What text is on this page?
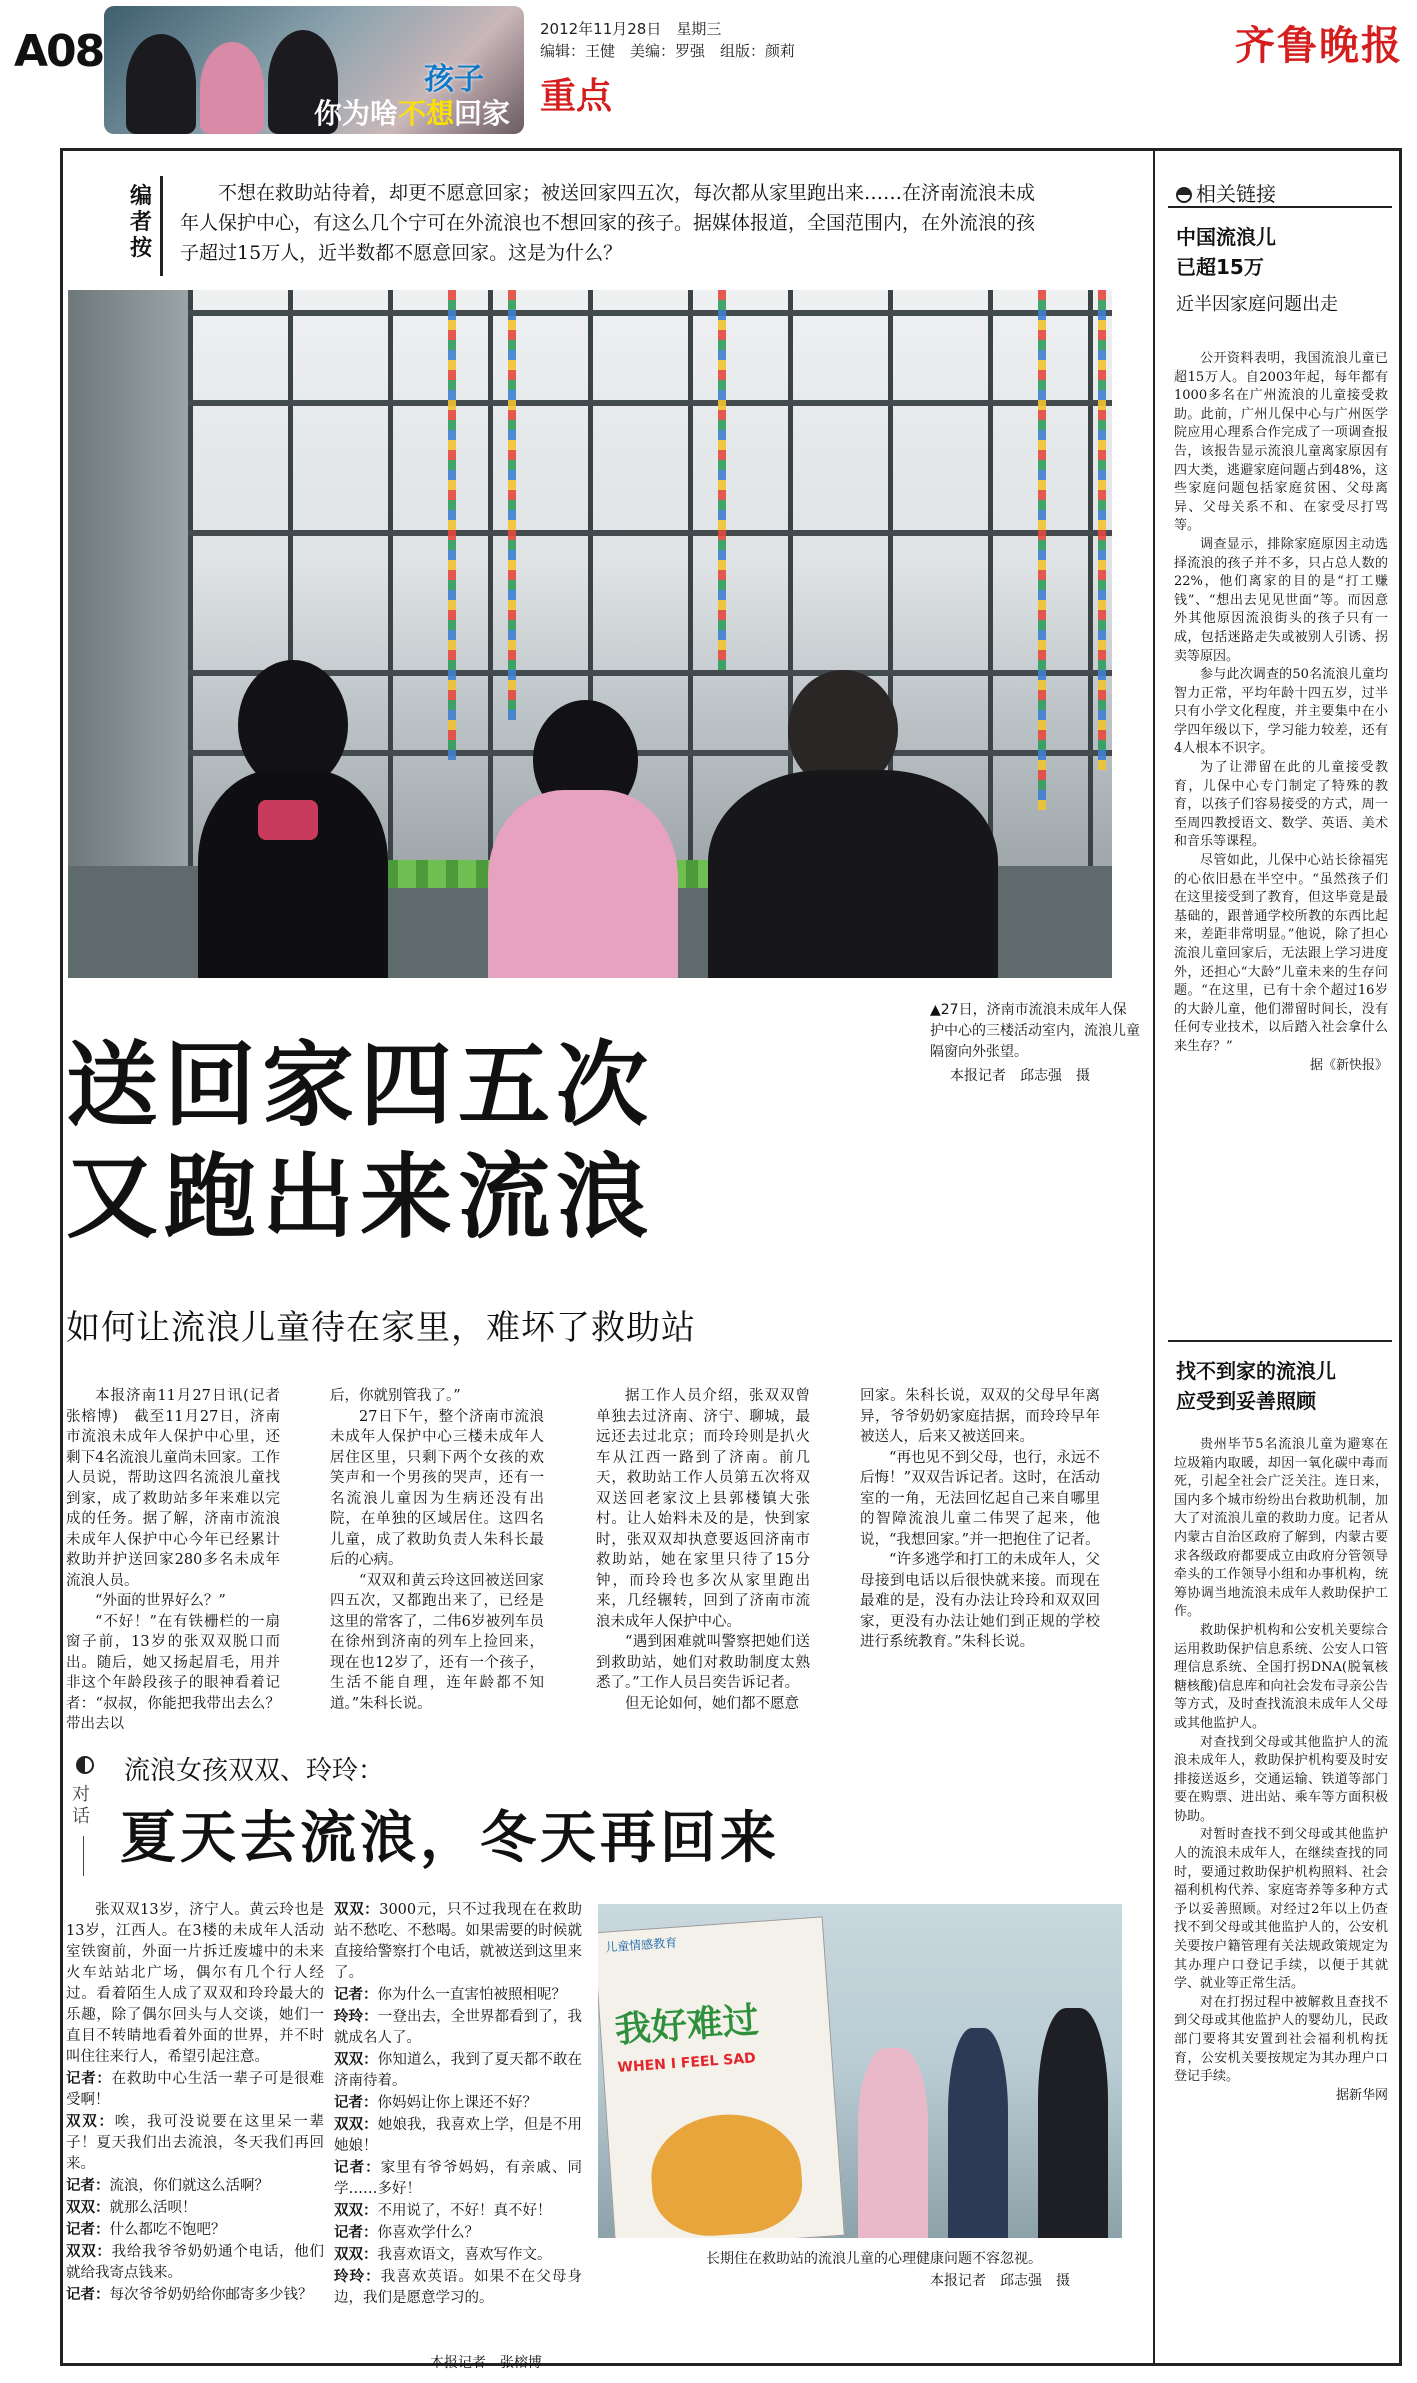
A08
孩子
你为啥不想回家
2012年11月28日　星期三
编辑：王健　美编：罗强　组版：颜莉
重点
齐鲁晚报
编者按
不想在救助站待着，却更不愿意回家；被送回家四五次，每次都从家里跑出来……在济南流浪未成年人保护中心，有这么几个宁可在外流浪也不想回家的孩子。据媒体报道，全国范围内，在外流浪的孩子超过15万人，近半数都不愿意回家。这是为什么？
▲27日，济南市流浪未成年人保护中心的三楼活动室内，流浪儿童隔窗向外张望。
本报记者　邱志强　摄
送回家四五次
又跑出来流浪
如何让流浪儿童待在家里，难坏了救助站

本报济南11月27日讯(记者 张榕博)　截至11月27日，济南市流浪未成年人保护中心里，还剩下4名流浪儿童尚未回家。工作人员说，帮助这四名流浪儿童找到家，成了救助站多年来难以完成的任务。据了解，济南市流浪未成年人保护中心今年已经累计救助并护送回家280多名未成年流浪人员。

“外面的世界好么？”

“不好！”在有铁栅栏的一扇窗子前，13岁的张双双脱口而出。随后，她又扬起眉毛，用并非这个年龄段孩子的眼神看着记者：“叔叔，你能把我带出去么？带出去以

后，你就别管我了。”

27日下午，整个济南市流浪未成年人保护中心三楼未成年人居住区里，只剩下两个女孩的欢笑声和一个男孩的哭声，还有一名流浪儿童因为生病还没有出院，在单独的区域居住。这四名儿童，成了救助负责人朱科长最后的心病。

“双双和黄云玲这回被送回家四五次，又都跑出来了，已经是这里的常客了，二伟6岁被列车员在徐州到济南的列车上捡回来，现在也12岁了，还有一个孩子，生活不能自理，连年龄都不知道。”朱科长说。

据工作人员介绍，张双双曾单独去过济南、济宁、聊城，最远还去过北京；而玲玲则是扒火车从江西一路到了济南。前几天，救助站工作人员第五次将双双送回老家汶上县郭楼镇大张村。让人始料未及的是，快到家时，张双双却执意要返回济南市救助站，她在家里只待了15分钟，而玲玲也多次从家里跑出来，几经辗转，回到了济南市流浪未成年人保护中心。

“遇到困难就叫警察把她们送到救助站，她们对救助制度太熟悉了。”工作人员吕奕告诉记者。

但无论如何，她们都不愿意

回家。朱科长说，双双的父母早年离异，爷爷奶奶家庭拮据，而玲玲早年被送人，后来又被送回来。

“再也见不到父母，也行，永远不后悔！”双双告诉记者。这时，在活动室的一角，无法回忆起自己来自哪里的智障流浪儿童二伟哭了起来，他说，“我想回家。”并一把抱住了记者。

“许多逃学和打工的未成年人，父母接到电话以后很快就来接。而现在最难的是，没有办法让玲玲和双双回家，更没有办法让她们到正规的学校进行系统教育。”朱科长说。

对话
流浪女孩双双、玲玲：
夏天去流浪，冬天再回来

张双双13岁，济宁人。黄云玲也是13岁，江西人。在3楼的未成年人活动室铁窗前，外面一片拆迁废墟中的未来火车站站北广场，偶尔有几个行人经过。看着陌生人成了双双和玲玲最大的乐趣，除了偶尔回头与人交谈，她们一直目不转睛地看着外面的世界，并不时叫住往来行人，希望引起注意。

记者：在救助中心生活一辈子可是很难受啊！

双双：唉，我可没说要在这里呆一辈子！夏天我们出去流浪，冬天我们再回来。

记者：流浪，你们就这么活啊？

双双：就那么活呗！

记者：什么都吃不饱吧？

双双：我给我爷爷奶奶通个电话，他们就给我寄点钱来。

记者：每次爷爷奶奶给你邮寄多少钱？

双双：3000元，只不过我现在在救助站不愁吃、不愁喝。如果需要的时候就直接给警察打个电话，就被送到这里来了。

记者：你为什么一直害怕被照相呢？

玲玲：一登出去，全世界都看到了，我就成名人了。

双双：你知道么，我到了夏天都不敢在济南待着。

记者：你妈妈让你上课还不好？

双双：她娘我，我喜欢上学，但是不用她娘！

记者：家里有爷爷妈妈，有亲戚、同学……多好！

双双：不用说了，不好！真不好！

记者：你喜欢学什么？

双双：我喜欢语文，喜欢写作文。

玲玲：我喜欢英语。如果不在父母身边，我们是愿意学习的。

本报记者　张榕博
儿童情感教育
我好难过
WHEN I FEEL SAD
长期住在救助站的流浪儿童的心理健康问题不容忽视。
本报记者　邱志强　摄
相关链接
中国流浪儿
已超15万
近半因家庭问题出走

公开资料表明，我国流浪儿童已超15万人。自2003年起，每年都有1000多名在广州流浪的儿童接受救助。此前，广州儿保中心与广州医学院应用心理系合作完成了一项调查报告，该报告显示流浪儿童离家原因有四大类，逃避家庭问题占到48%，这些家庭问题包括家庭贫困、父母离异、父母关系不和、在家受尽打骂等。

调查显示，排除家庭原因主动选择流浪的孩子并不多，只占总人数的22%，他们离家的目的是“打工赚钱”、“想出去见见世面”等。而因意外其他原因流浪街头的孩子只有一成，包括迷路走失或被别人引诱、拐卖等原因。

参与此次调查的50名流浪儿童均智力正常，平均年龄十四五岁，过半只有小学文化程度，并主要集中在小学四年级以下，学习能力较差，还有4人根本不识字。

为了让滞留在此的儿童接受教育，儿保中心专门制定了特殊的教育，以孩子们容易接受的方式，周一至周四教授语文、数学、英语、美术和音乐等课程。

尽管如此，儿保中心站长徐福宪的心依旧悬在半空中。“虽然孩子们在这里接受到了教育，但这毕竟是最基础的，跟普通学校所教的东西比起来，差距非常明显。”他说，除了担心流浪儿童回家后，无法跟上学习进度外，还担心“大龄”儿童未来的生存问题。“在这里，已有十余个超过16岁的大龄儿童，他们滞留时间长，没有任何专业技术，以后踏入社会拿什么来生存？”

据《新快报》
找不到家的流浪儿
应受到妥善照顾

贵州毕节5名流浪儿童为避寒在垃圾箱内取暖，却因一氧化碳中毒而死，引起全社会广泛关注。连日来，国内多个城市纷纷出台救助机制，加大了对流浪儿童的救助力度。记者从内蒙古自治区政府了解到，内蒙古要求各级政府都要成立由政府分管领导牵头的工作领导小组和办事机构，统筹协调当地流浪未成年人救助保护工作。

救助保护机构和公安机关要综合运用救助保护信息系统、公安人口管理信息系统、全国打拐DNA(脱氧核糖核酸)信息库和向社会发布寻亲公告等方式，及时查找流浪未成年人父母或其他监护人。

对查找到父母或其他监护人的流浪未成年人，救助保护机构要及时安排接送返乡，交通运输、铁道等部门要在购票、进出站、乘车等方面积极协助。

对暂时查找不到父母或其他监护人的流浪未成年人，在继续查找的同时，要通过救助保护机构照料、社会福利机构代养、家庭寄养等多种方式予以妥善照顾。对经过2年以上仍查找不到父母或其他监护人的，公安机关要按户籍管理有关法规政策规定为其办理户口登记手续，以便于其就学、就业等正常生活。

对在打拐过程中被解救且查找不到父母或其他监护人的婴幼儿，民政部门要将其安置到社会福利机构抚育，公安机关要按规定为其办理户口登记手续。

据新华网
